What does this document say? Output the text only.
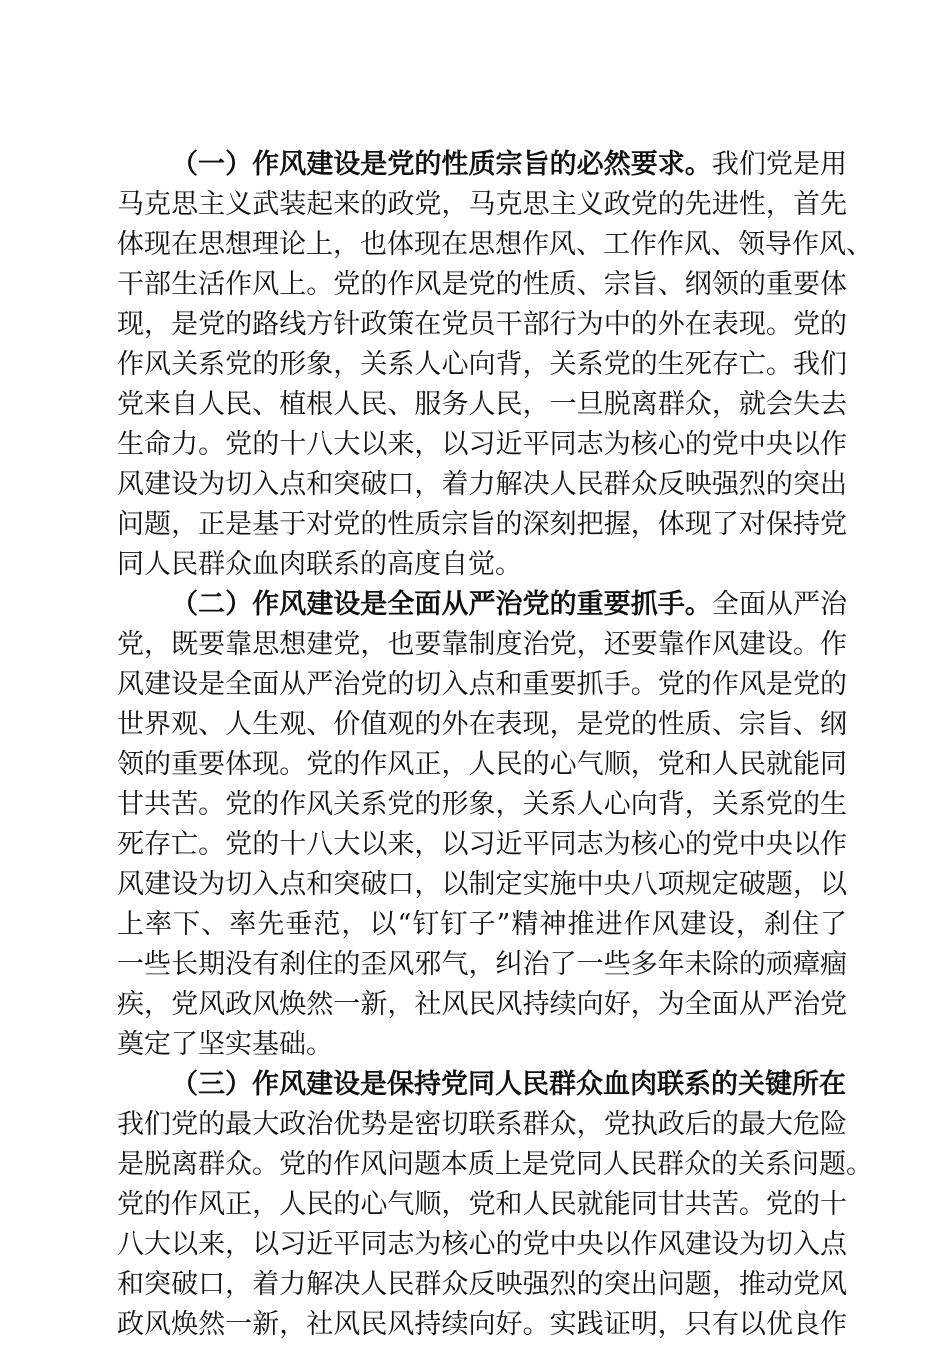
（一）作风建设是党的性质宗旨的必然要求。我们党是用
马克思主义武装起来的政党，马克思主义政党的先进性，首先
体现在思想理论上，也体现在思想作风、工作作风、领导作风、
干部生活作风上。党的作风是党的性质、宗旨、纲领的重要体
现，是党的路线方针政策在党员干部行为中的外在表现。党的
作风关系党的形象，关系人心向背，关系党的生死存亡。我们
党来自人民、植根人民、服务人民，一旦脱离群众，就会失去
生命力。党的十八大以来，以习近平同志为核心的党中央以作
风建设为切入点和突破口，着力解决人民群众反映强烈的突出
问题，正是基于对党的性质宗旨的深刻把握，体现了对保持党
同人民群众血肉联系的高度自觉。
（二）作风建设是全面从严治党的重要抓手。全面从严治
党，既要靠思想建党，也要靠制度治党，还要靠作风建设。作
风建设是全面从严治党的切入点和重要抓手。党的作风是党的
世界观、人生观、价值观的外在表现，是党的性质、宗旨、纲
领的重要体现。党的作风正，人民的心气顺，党和人民就能同
甘共苦。党的作风关系党的形象，关系人心向背，关系党的生
死存亡。党的十八大以来，以习近平同志为核心的党中央以作
风建设为切入点和突破口，以制定实施中央八项规定破题，以
上率下、率先垂范，以“钉钉子”精神推进作风建设，刹住了
一些长期没有刹住的歪风邪气，纠治了一些多年未除的顽瘴痼
疾，党风政风焕然一新，社风民风持续向好，为全面从严治党
奠定了坚实基础。
（三）作风建设是保持党同人民群众血肉联系的关键所在
我们党的最大政治优势是密切联系群众，党执政后的最大危险
是脱离群众。党的作风问题本质上是党同人民群众的关系问题。
党的作风正，人民的心气顺，党和人民就能同甘共苦。党的十
八大以来，以习近平同志为核心的党中央以作风建设为切入点
和突破口，着力解决人民群众反映强烈的突出问题，推动党风
政风焕然一新，社风民风持续向好。实践证明，只有以优良作
